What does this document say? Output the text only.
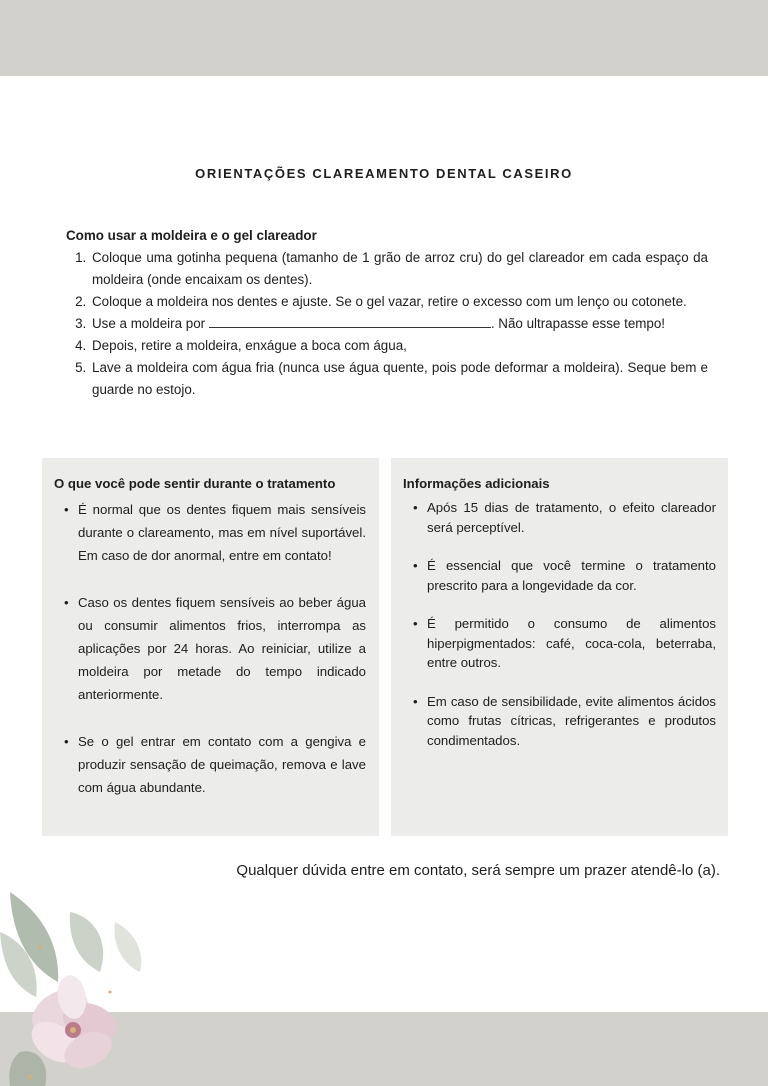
ORIENTAÇÕES CLAREAMENTO DENTAL CASEIRO
Como usar a moldeira e o gel clareador
1. Coloque uma gotinha pequena (tamanho de 1 grão de arroz cru) do gel clareador em cada espaço da moldeira (onde encaixam os dentes).
2. Coloque a moldeira nos dentes e ajuste. Se o gel vazar, retire o excesso com um lenço ou cotonete.
3. Use a moldeira por	. Não ultrapasse esse tempo!
4. Depois, retire a moldeira, enxágue a boca com água,
5. Lave a moldeira com água fria (nunca use água quente, pois pode deformar a moldeira). Seque bem e guarde no estojo.
O que você pode sentir durante o tratamento
• É normal que os dentes fiquem mais sensíveis durante o clareamento, mas em nível suportável. Em caso de dor anormal, entre em contato!
• Caso os dentes fiquem sensíveis ao beber água ou consumir alimentos frios, interrompa as aplicações por 24 horas. Ao reiniciar, utilize a moldeira por metade do tempo indicado anteriormente.
• Se o gel entrar em contato com a gengiva e produzir sensação de queimação, remova e lave com água abundante.
Informações adicionais
• Após 15 dias de tratamento, o efeito clareador será perceptível.
• É essencial que você termine o tratamento prescrito para a longevidade da cor.
• É permitido o consumo de alimentos hiperpigmentados: café, coca-cola, beterraba, entre outros.
• Em caso de sensibilidade, evite alimentos ácidos como frutas cítricas, refrigerantes e produtos condimentados.
Qualquer dúvida entre em contato, será sempre um prazer atendê-lo (a).
